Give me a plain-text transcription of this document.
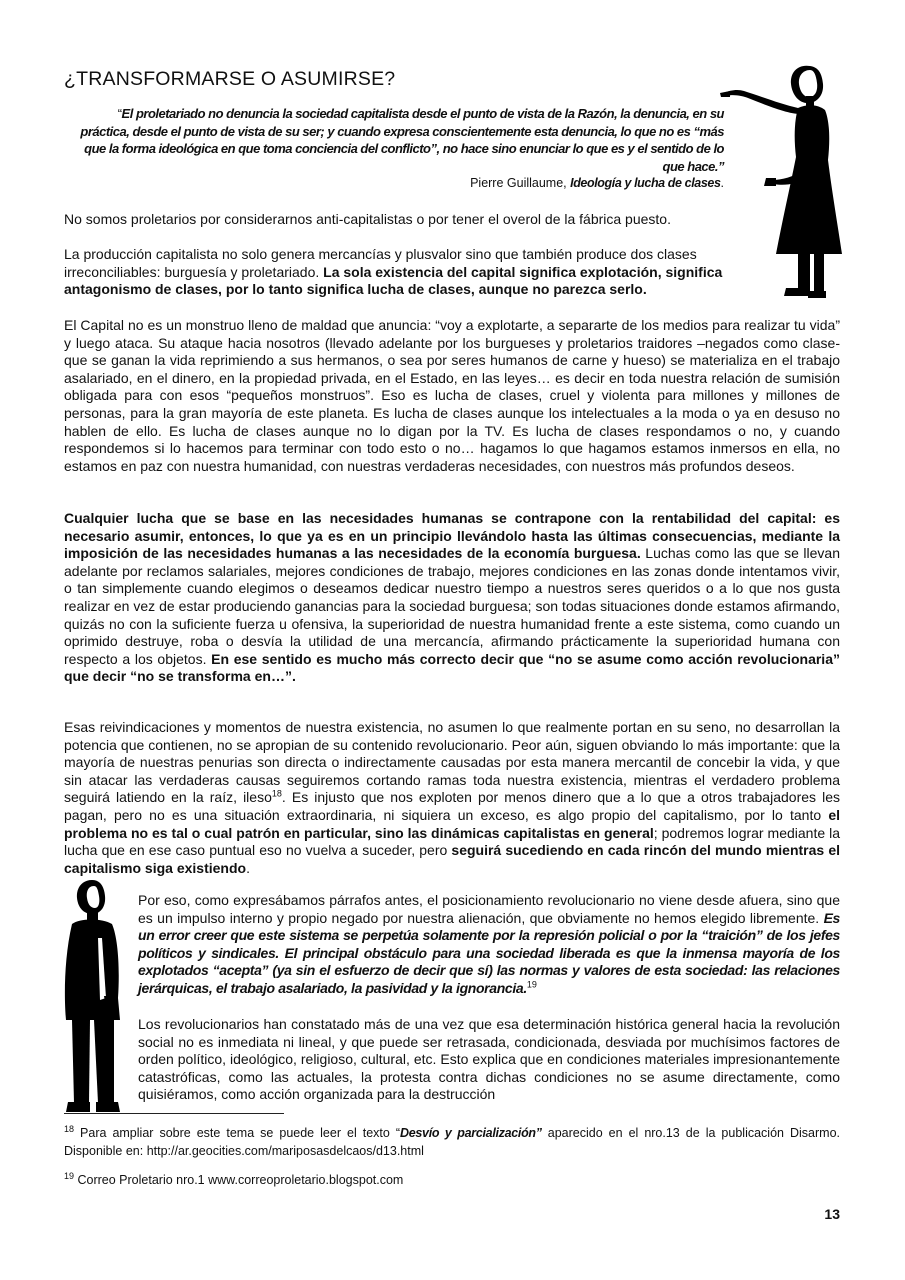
¿TRANSFORMARSE O ASUMIRSE?
“El proletariado no denuncia la sociedad capitalista desde el punto de vista de la Razón, la denuncia, en su práctica, desde el punto de vista de su ser; y cuando expresa conscientemente esta denuncia, lo que no es “más que la forma ideológica en que toma conciencia del conflicto”, no hace sino enunciar lo que es y el sentido de lo que hace.”
Pierre Guillaume, Ideología y lucha de clases.
No somos proletarios por considerarnos anti-capitalistas o por tener el overol de la fábrica puesto.
La producción capitalista no solo genera mercancías y plusvalor sino que también produce dos clases irreconciliables: burguesía y proletariado. La sola existencia del capital significa explotación, significa antagonismo de clases, por lo tanto significa lucha de clases, aunque no parezca serlo.
El Capital no es un monstruo lleno de maldad que anuncia: “voy a explotarte, a separarte de los medios para realizar tu vida” y luego ataca. Su ataque hacia nosotros (llevado adelante por los burgueses y proletarios traidores –negados como clase- que se ganan la vida reprimiendo a sus hermanos, o sea por seres humanos de carne y hueso) se materializa en el trabajo asalariado, en el dinero, en la propiedad privada, en el Estado, en las leyes… es decir en toda nuestra relación de sumisión obligada para con esos “pequeños monstruos”. Eso es lucha de clases, cruel y violenta para millones y millones de personas, para la gran mayoría de este planeta. Es lucha de clases aunque los intelectuales a la moda o ya en desuso no hablen de ello. Es lucha de clases aunque no lo digan por la TV. Es lucha de clases respondamos o no, y cuando respondemos si lo hacemos para terminar con todo esto o no… hagamos lo que hagamos estamos inmersos en ella, no estamos en paz con nuestra humanidad, con nuestras verdaderas necesidades, con nuestros más profundos deseos.
Cualquier lucha que se base en las necesidades humanas se contrapone con la rentabilidad del capital: es necesario asumir, entonces, lo que ya es en un principio llevándolo hasta las últimas consecuencias, mediante la imposición de las necesidades humanas a las necesidades de la economía burguesa. Luchas como las que se llevan adelante por reclamos salariales, mejores condiciones de trabajo, mejores condiciones en las zonas donde intentamos vivir, o tan simplemente cuando elegimos o deseamos dedicar nuestro tiempo a nuestros seres queridos o a lo que nos gusta realizar en vez de estar produciendo ganancias para la sociedad burguesa; son todas situaciones donde estamos afirmando, quizás no con la suficiente fuerza u ofensiva, la superioridad de nuestra humanidad frente a este sistema, como cuando un oprimido destruye, roba o desvía la utilidad de una mercancía, afirmando prácticamente la superioridad humana con respecto a los objetos. En ese sentido es mucho más correcto decir que “no se asume como acción revolucionaria” que decir “no se transforma en…”.
Esas reivindicaciones y momentos de nuestra existencia, no asumen lo que realmente portan en su seno, no desarrollan la potencia que contienen, no se apropian de su contenido revolucionario. Peor aún, siguen obviando lo más importante: que la mayoría de nuestras penurias son directa o indirectamente causadas por esta manera mercantil de concebir la vida, y que sin atacar las verdaderas causas seguiremos cortando ramas toda nuestra existencia, mientras el verdadero problema seguirá latiendo en la raíz, ileso$^{18}$. Es injusto que nos exploten por menos dinero que a lo que a otros trabajadores les pagan, pero no es una situación extraordinaria, ni siquiera un exceso, es algo propio del capitalismo, por lo tanto el problema no es tal o cual patrón en particular, sino las dinámicas capitalistas en general; podremos lograr mediante la lucha que en ese caso puntual eso no vuelva a suceder, pero seguirá sucediendo en cada rincón del mundo mientras el capitalismo siga existiendo.
Por eso, como expresábamos párrafos antes, el posicionamiento revolucionario no viene desde afuera, sino que es un impulso interno y propio negado por nuestra alienación, que obviamente no hemos elegido libremente. Es un error creer que este sistema se perpetúa solamente por la represión policial o por la “traición” de los jefes políticos y sindicales. El principal obstáculo para una sociedad liberada es que la inmensa mayoría de los explotados “acepta” (ya sin el esfuerzo de decir que sí) las normas y valores de esta sociedad: las relaciones jerárquicas, el trabajo asalariado, la pasividad y la ignorancia.$^{19}$
Los revolucionarios han constatado más de una vez que esa determinación histórica general hacia la revolución social no es inmediata ni lineal, y que puede ser retrasada, condicionada, desviada por muchísimos factores de orden político, ideológico, religioso, cultural, etc. Esto explica que en condiciones materiales impresionantemente catastróficas, como las actuales, la protesta contra dichas condiciones no se asume directamente, como quisiéramos, como acción organizada para la destrucción
$^{18}$ Para ampliar sobre este tema se puede leer el texto “Desvío y parcialización” aparecido en el nro.13 de la publicación Disarmo. Disponible en: http://ar.geocities.com/mariposasdelcaos/d13.html
$^{19}$ Correo Proletario nro.1 www.correoproletario.blogspot.com
13
